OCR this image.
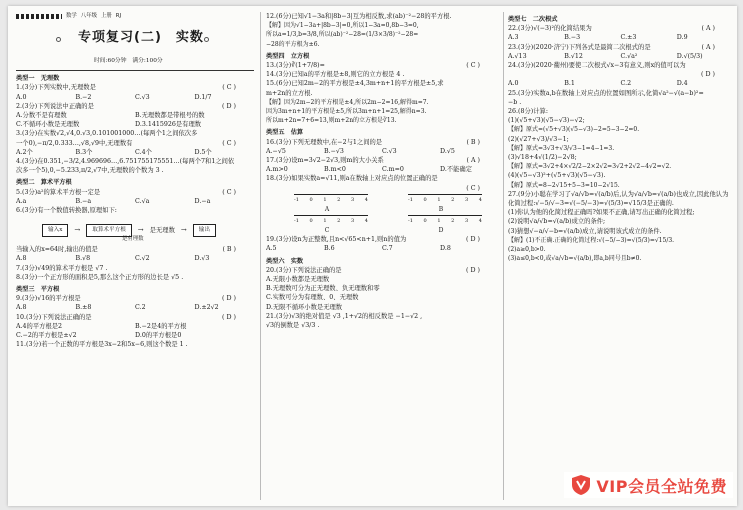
数学 八年级 上册 RJ
专项复习(二)　实数
时间:60分钟　满分:100分
类型一　无理数
1.(3分)下列实数中,无理数是	( C )
A.0	B.−2	C.√3	D.1/7
2.(3分)下列说法中正确的是	( D )
A.分数不是有理数	B.无理数都是带根号的数
C.不循环小数是无理数	D.3.1415926是有理数
3.(3分)在实数√2,√4,0.√3,0.101001000…(每两个1之间依次多
一个0),−π/2,0.333…,√8,√9中,无理数有	( C )
A.2个	B.3个	C.4个	D.5个
4.(3分)在0.351,−3/2,4.969696…,6.751755175551…(每两个7和1之间依
次多一个5),0,−5.233,π/2,√7中,无理数的个数为 3 .
类型二　算术平方根
5.(3分)a²的算术平方根一定是	( C )
A.a	B.−a	C.√a	D.−a
6.(3分)有一个数值转换器,原理如下:
输入x	→	取算术平方根	→ 是无理数 →	输出
是有理数
当输入的x=64时,输出的值是	( B )
A.8	B.√8	C.√2	D.√3
7.(3分)√49的算术平方根是 √7 .
8.(3分)一个正方形的面积是5,那么这个正方形的边长是 √5 .
类型三　平方根
9.(3分)√16的平方根是	( D )
A.8	B.±8	C.2	D.±2√2
10.(3分)下列说法正确的是	( D )
A.4的平方根是2	B.−2是4的平方根
C.−2的平方根是±√2	D.0的平方根是0
11.(3分)若一个正数的平方根是3x−2和5x−6,则这个数是 1 .
12.(6分)已知√1−3a和|8b−3|互为相反数,求(ab)⁻²−28的平方根.
【解】因为√1−3a+|8b−3|=0,所以1−3a=0,8b−3=0,
所以a=1/3,b=3/8,所以(ab)⁻²−28=(1/3×3/8)⁻²−28=
−28的平方根为±6.
类型四　立方根
13.(3分)∛(1+7/8)=	( C )
14.(3分)已知a的平方根是±8,则它的立方根是 4 .
15.(6分)已知2m−2的平方根是±4,3m+n+1的平方根是±5,求
m+2n的立方根.
【解】因为2m−2的平方根是±4,所以2m−2=16,解得m=7.
因为3m+n+1的平方根是±5,所以3m+n+1=25,解得n=3.
所以m+2n=7+6=13,则m+2n的立方根是∛13.
类型五　估算
16.(3分)下列无理数中,在−2与1之间的是	( B )
A.−√5	B.−√3	C.√3	D.√5
17.(3分)设m=3√2−2√3,则m的大小关系	( A )
A.m>0	B.m<0	C.m=0	D.不能确定
18.(3分)如果实数a=√11,则a在数轴上对应点的位置正确的是
( C )
-1 0 1 2 3 4
A
-1 0 1 2 3 4
B
-1 0 1 2 3 4
C
-1 0 1 2 3 4
D
19.(3分)设n为正整数,且n<√65<n+1,则n的值为	( D )
A.5	B.6	C.7	D.8
类型六　实数
20.(3分)下列说法正确的是	( D )
A.无限小数都是无理数
B.无理数可分为正无理数、负无理数和零
C.实数可分为有理数、0、无理数
D.无限不循环小数是无理数
21.(3分)√3的绝对值是 √3 ,1+√2的相反数是 −1−√2 ,
√3的倒数是 √3/3 .
类型七　二次根式
22.(3分)√(−3)²的化简结果为	( A )
A.3	B.−3	C.±3	D.9
23.(3分)(2020·济宁)下列各式是最简二次根式的是	( A )
A.√13	B.√12	C.√a²	D.√(5/3)
24.(3分)(2020·衢州)要使二次根式√x−3有意义,则x的值可以为
( D )
A.0	B.1	C.2	D.4
25.(3分)实数a,b在数轴上对应点的位置如图所示,化简√a²−√(a−b)²=
−b .
26.(8分)计算:
(1)(√5+√3)(√5−√3)−√2;
【解】原式=(√5+√3)(√5−√3)−2=5−3−2=0.
(2)(√27+√3)/√3−1;
【解】原式=3√3+√3/√3−1=4−1=3.
(3)√18+4√(1/2)−2√8;
【解】原式=3√2+4×√2/2−2×2√2=3√2+2√2−4√2=√2.
(4)(√5−√3)²+(√5+√3)(√5−√3).
【解】原式=8−2√15+5−3=10−2√15.
27.(9分)小聪在学习了√a/√b=√(a/b)后,认为√a/√b=√(a/b)也成立,因此他认为
化简过程:√−5/√−3=√(−5/−3)=√(5/3)=√15/3是正确的.
(1)你认为他的化简过程正确吗?如果不正确,请写出正确的化简过程;
(2)说明√a/√b=√(a/b)成立的条件;
(3)猜想√−a/√−b=√(a/b)成立,请说明该式成立的条件.
【解】(1)不正确.正确的化简过程:√(−5/−3)=√(5/3)=√15/3.
(2)a≥0,b>0.
(3)a≤0,b<0,或√a/√b=√(a/b),即a,b同号且b≠0.
VIP会员全站免费
